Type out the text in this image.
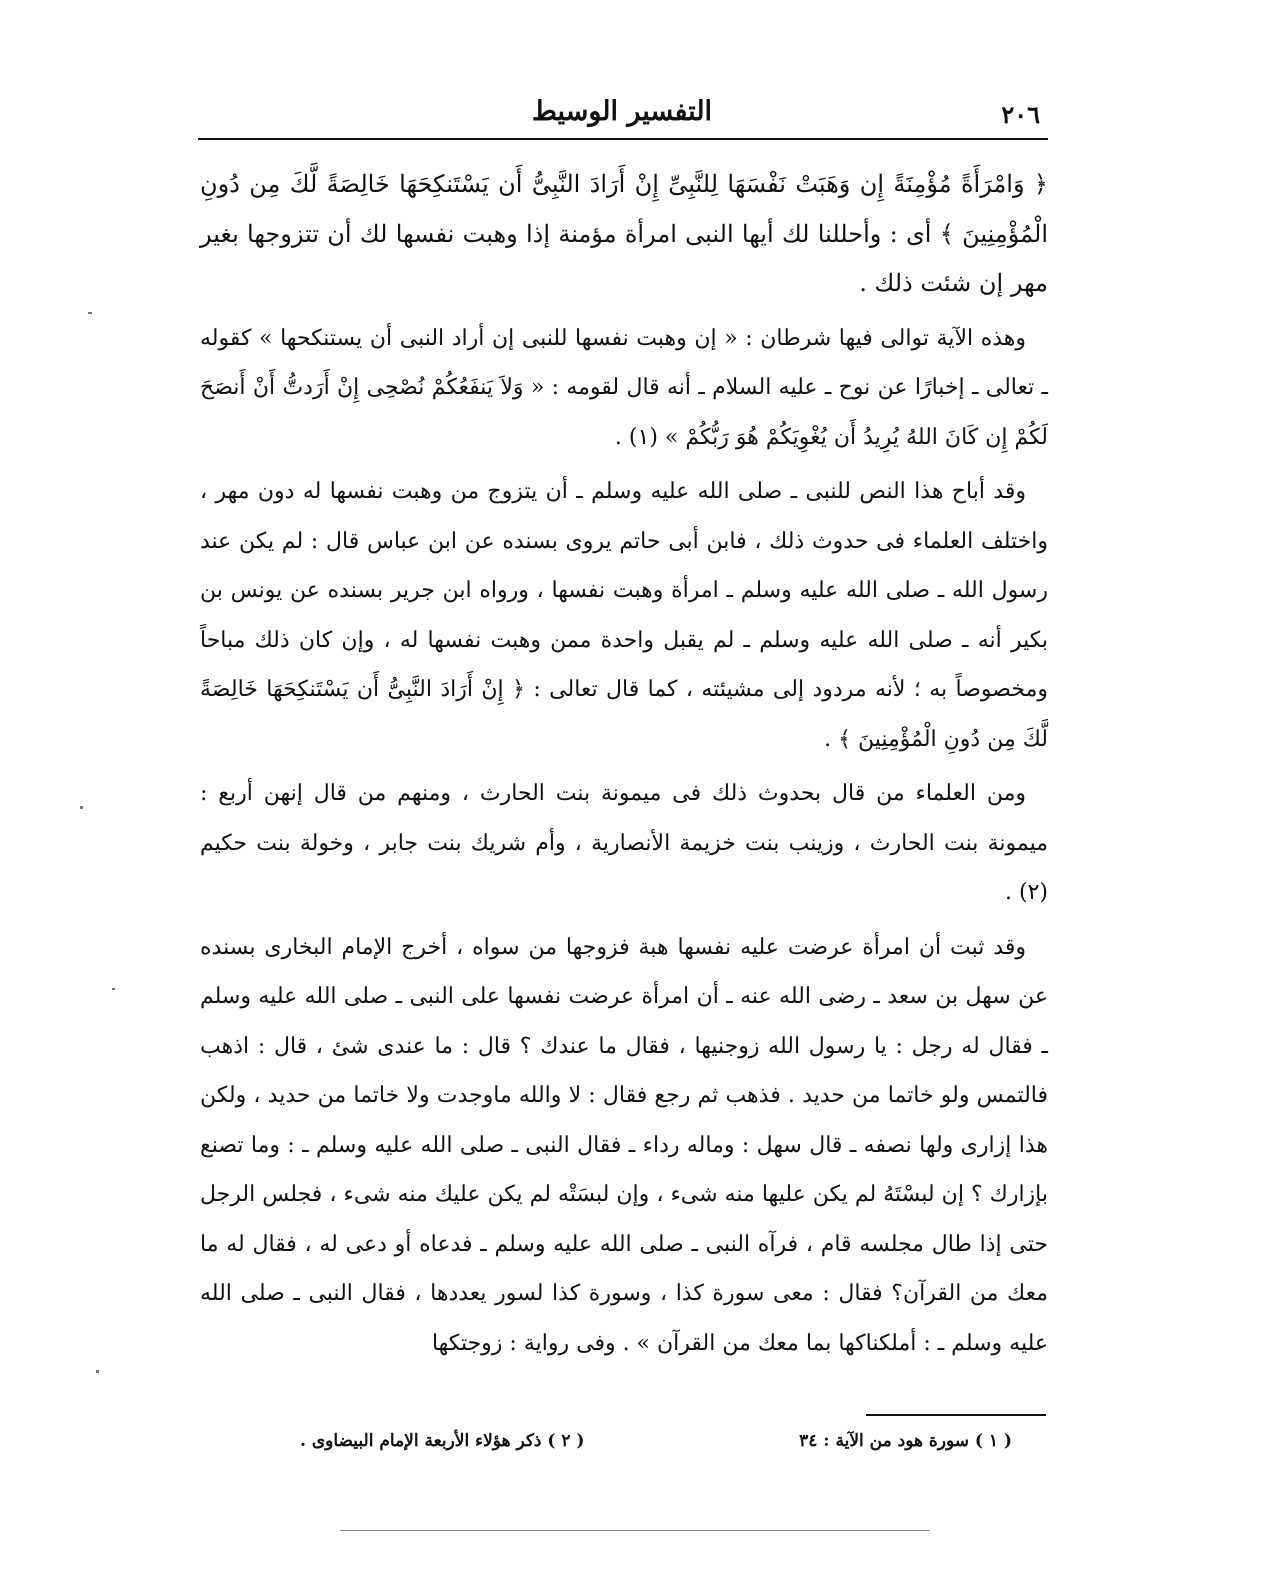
٢٠٦
التفسير الوسيط

﴿ وَامْرَأَةً مُؤْمِنَةً إِن وَهَبَتْ نَفْسَهَا لِلنَّبِىِّ إِنْ أَرَادَ النَّبِىُّ أَن يَسْتَنكِحَهَا خَالِصَةً لَّكَ مِن دُونِ الْمُؤْمِنِينَ ﴾ أى : وأحللنا لك أيها النبى امرأة مؤمنة إذا وهبت نفسها لك أن تتزوجها بغير مهر إن شئت ذلك .

وهذه الآية توالى فيها شرطان : « إن وهبت نفسها للنبى إن أراد النبى أن يستنكحها » كقوله ـ تعالى ـ إخبارًا عن نوح ـ عليه السلام ـ أنه قال لقومه : « وَلاَ يَنفَعُكُمْ نُصْحِى إِنْ أَرَدتُّ أَنْ أَنصَحَ لَكُمْ إِن كَانَ اللهُ يُرِيدُ أَن يُغْوِيَكُمْ هُوَ رَبُّكُمْ » (١) .

وقد أباح هذا النص للنبى ـ صلى الله عليه وسلم ـ أن يتزوج من وهبت نفسها له دون مهر ، واختلف العلماء فى حدوث ذلك ، فابن أبى حاتم يروى بسنده عن ابن عباس قال : لم يكن عند رسول الله ـ صلى الله عليه وسلم ـ امرأة وهبت نفسها ، ورواه ابن جرير بسنده عن يونس بن بكير أنه ـ صلى الله عليه وسلم ـ لم يقبل واحدة ممن وهبت نفسها له ، وإن كان ذلك مباحاً ومخصوصاً به ؛ لأنه مردود إلى مشيئته ، كما قال تعالى : ﴿ إِنْ أَرَادَ النَّبِىُّ أَن يَسْتَنكِحَهَا خَالِصَةً لَّكَ مِن دُونِ الْمُؤْمِنِينَ ﴾ .

ومن العلماء من قال بحدوث ذلك فى ميمونة بنت الحارث ، ومنهم من قال إنهن أربع : ميمونة بنت الحارث ، وزينب بنت خزيمة الأنصارية ، وأم شريك بنت جابر ، وخولة بنت حكيم (٢) .

وقد ثبت أن امرأة عرضت عليه نفسها هبة فزوجها من سواه ، أخرج الإمام البخارى بسنده عن سهل بن سعد ـ رضى الله عنه ـ أن امرأة عرضت نفسها على النبى ـ صلى الله عليه وسلم ـ فقال له رجل : يا رسول الله زوجنيها ، فقال ما عندك ؟ قال : ما عندى شئ ، قال : اذهب فالتمس ولو خاتما من حديد . فذهب ثم رجع فقال : لا والله ماوجدت ولا خاتما من حديد ، ولكن هذا إزارى ولها نصفه ـ قال سهل : وماله رداء ـ فقال النبى ـ صلى الله عليه وسلم ـ : وما تصنع بإزارك ؟ إن لبسْتَهُ لم يكن عليها منه شىء ، وإن لبسَتْه لم يكن عليك منه شىء ، فجلس الرجل حتى إذا طال مجلسه قام ، فرآه النبى ـ صلى الله عليه وسلم ـ فدعاه أو دعى له ، فقال له ما معك من القرآن؟ فقال : معى سورة كذا ، وسورة كذا لسور يعددها ، فقال النبى ـ صلى الله عليه وسلم ـ : أملكناكها بما معك من القرآن » . وفى رواية : زوجتكها

( ١ ) سورة هود من الآية : ٣٤
( ٢ ) ذكر هؤلاء الأربعة الإمام البيضاوى .
